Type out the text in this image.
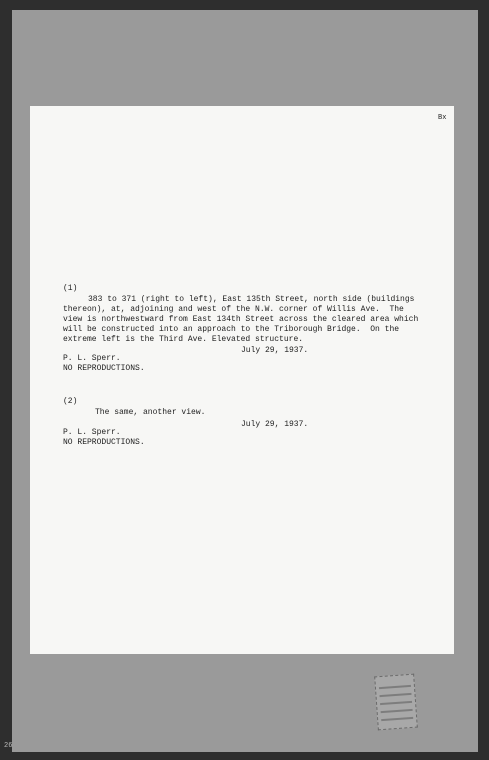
Bx
(1)
383 to 371 (right to left), East 135th Street, north side (buildings
thereon), at, adjoining and west of the N.W. corner of Willis Ave.  The
view is northwestward from East 134th Street across the cleared area which
will be constructed into an approach to the Triborough Bridge.  On the
extreme left is the Third Ave. Elevated structure.
July 29, 1937.
P. L. Sperr.
NO REPRODUCTIONS.
(2)
The same, another view.
July 29, 1937.
P. L. Sperr.
NO REPRODUCTIONS.
26
